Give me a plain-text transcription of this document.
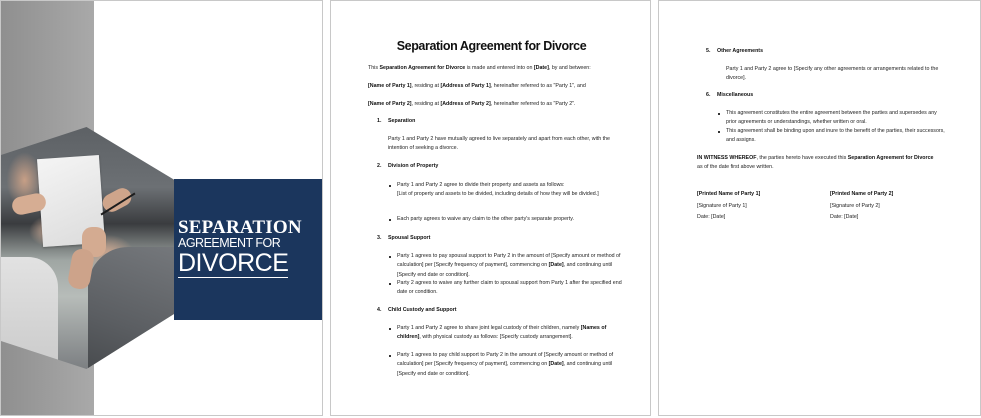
SEPARATION
AGREEMENT FOR
DIVORCE
Separation Agreement for Divorce
This Separation Agreement for Divorce is made and entered into on [Date], by and between:
[Name of Party 1], residing at [Address of Party 1], hereinafter referred to as "Party 1", and
[Name of Party 2], residing at [Address of Party 2], hereinafter referred to as "Party 2".
1. Separation
Party 1 and Party 2 have mutually agreed to live separately and apart from each other, with the intention of seeking a divorce.
2. Division of Property
Party 1 and Party 2 agree to divide their property and assets as follows:
[List of property and assets to be divided, including details of how they will be divided.]
Each party agrees to waive any claim to the other party's separate property.
3. Spousal Support
Party 1 agrees to pay spousal support to Party 2 in the amount of [Specify amount or method of calculation] per [Specify frequency of payment], commencing on [Date], and continuing until [Specify end date or condition].
Party 2 agrees to waive any further claim to spousal support from Party 1 after the specified end date or condition.
4. Child Custody and Support
Party 1 and Party 2 agree to share joint legal custody of their children, namely [Names of children], with physical custody as follows: [Specify custody arrangement].
Party 1 agrees to pay child support to Party 2 in the amount of [Specify amount or method of calculation] per [Specify frequency of payment], commencing on [Date], and continuing until [Specify end date or condition].
5. Other Agreements
Party 1 and Party 2 agree to [Specify any other agreements or arrangements related to the divorce].
6. Miscellaneous
This agreement constitutes the entire agreement between the parties and supersedes any prior agreements or understandings, whether written or oral.
This agreement shall be binding upon and inure to the benefit of the parties, their successors, and assigns.
IN WITNESS WHEREOF, the parties hereto have executed this Separation Agreement for Divorce as of the date first above written.
[Printed Name of Party 1]
[Signature of Party 1]
Date: [Date]
[Printed Name of Party 2]
[Signature of Party 2]
Date: [Date]
